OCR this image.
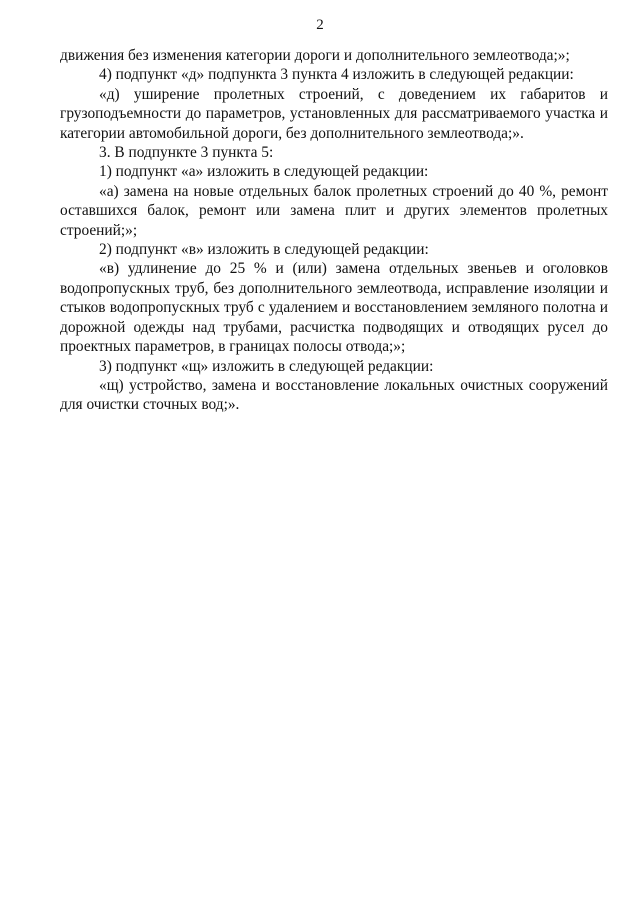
2

движения без изменения категории дороги и дополнительного землеотвода;»;

4) подпункт «д» подпункта 3 пункта 4 изложить в следующей редакции:

«д) уширение пролетных строений, с доведением их габаритов и грузоподъемности до параметров, установленных для рассматриваемого участка и категории автомобильной дороги, без дополнительного землеотвода;».

3. В подпункте 3 пункта 5:

1) подпункт «а» изложить в следующей редакции:

«а) замена на новые отдельных балок пролетных строений до 40 %, ремонт оставшихся балок, ремонт или замена плит и других элементов пролетных строений;»;

2) подпункт «в» изложить в следующей редакции:

«в) удлинение до 25 % и (или) замена отдельных звеньев и оголовков водопропускных труб, без дополнительного землеотвода, исправление изоляции и стыков водопропускных труб с удалением и восстановлением земляного полотна и дорожной одежды над трубами, расчистка подводящих и отводящих русел до проектных параметров, в границах полосы отвода;»;

3) подпункт «щ» изложить в следующей редакции:

«щ) устройство, замена и восстановление локальных очистных сооружений для очистки сточных вод;».
